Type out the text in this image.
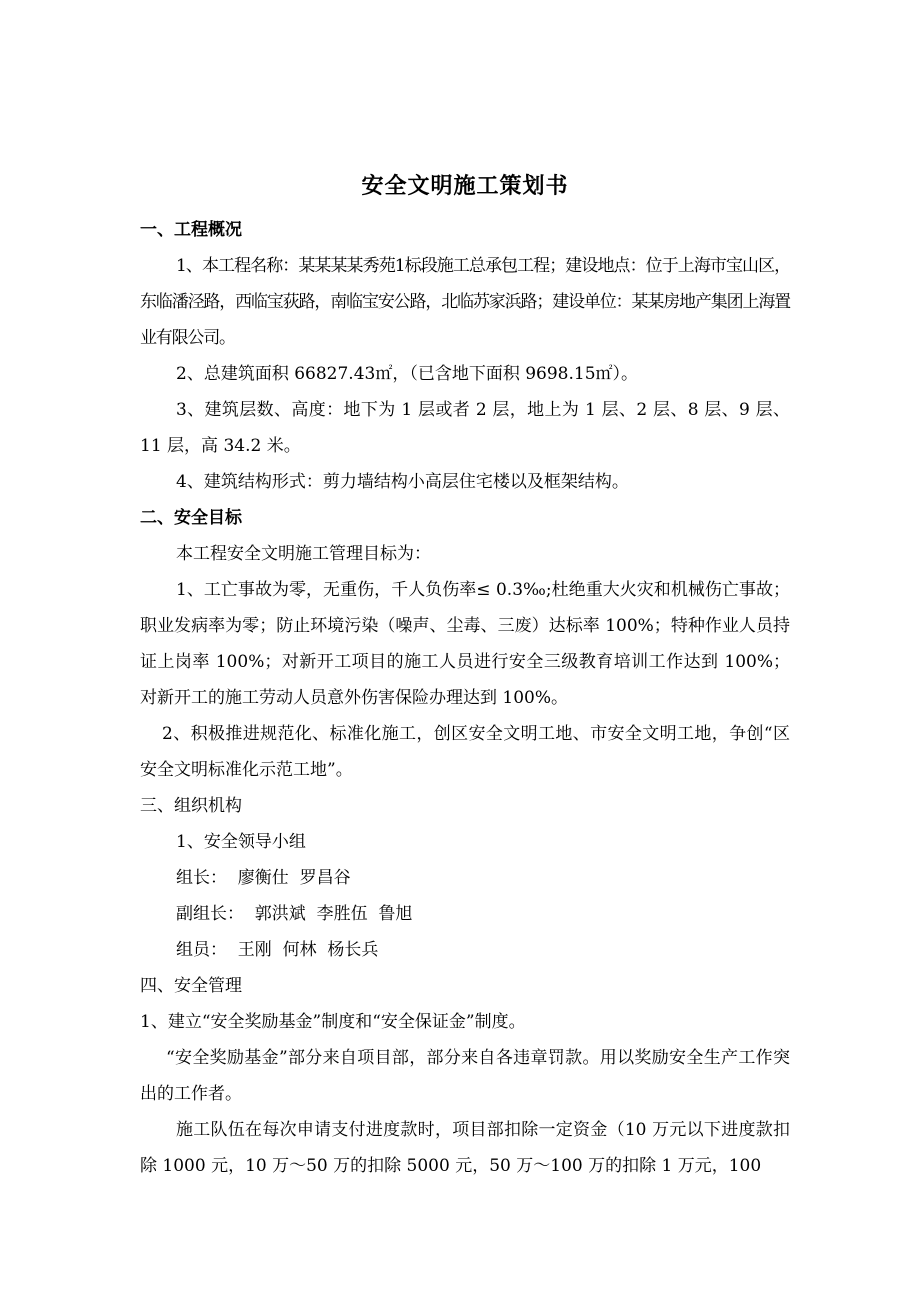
安全文明施工策划书
一、工程概况

1、本工程名称：某某某某秀苑1标段施工总承包工程；建设地点：位于上海市宝山区，东临潘泾路，西临宝荻路，南临宝安公路，北临苏家浜路；建设单位：某某房地产集团上海置业有限公司。

2、总建筑面积 66827.43㎡，（已含地下面积 9698.15㎡）。

3、建筑层数、高度：地下为 1 层或者 2 层，地上为 1 层、2 层、8 层、9 层、11 层，高 34.2 米。

4、建筑结构形式：剪力墙结构小高层住宅楼以及框架结构。

二、安全目标

本工程安全文明施工管理目标为：

1、工亡事故为零，无重伤，千人负伤率≤ 0.3‰;杜绝重大火灾和机械伤亡事故；职业发病率为零；防止环境污染（噪声、尘毒、三废）达标率 100%；特种作业人员持证上岗率 100%；对新开工项目的施工人员进行安全三级教育培训工作达到 100%；对新开工的施工劳动人员意外伤害保险办理达到 100%。

2、积极推进规范化、标准化施工，创区安全文明工地、市安全文明工地，争创“区安全文明标准化示范工地”。

三、组织机构

1、安全领导小组

组长：  廖衡仕  罗昌谷

副组长：  郭洪斌  李胜伍  鲁旭

组员：  王刚  何林  杨长兵

四、安全管理

1、建立“安全奖励基金”制度和“安全保证金”制度。

“安全奖励基金”部分来自项目部，部分来自各违章罚款。用以奖励安全生产工作突出的工作者。

施工队伍在每次申请支付进度款时，项目部扣除一定资金（10 万元以下进度款扣除 1000 元，10 万～50 万的扣除 5000 元，50 万～100 万的扣除 1 万元，100
